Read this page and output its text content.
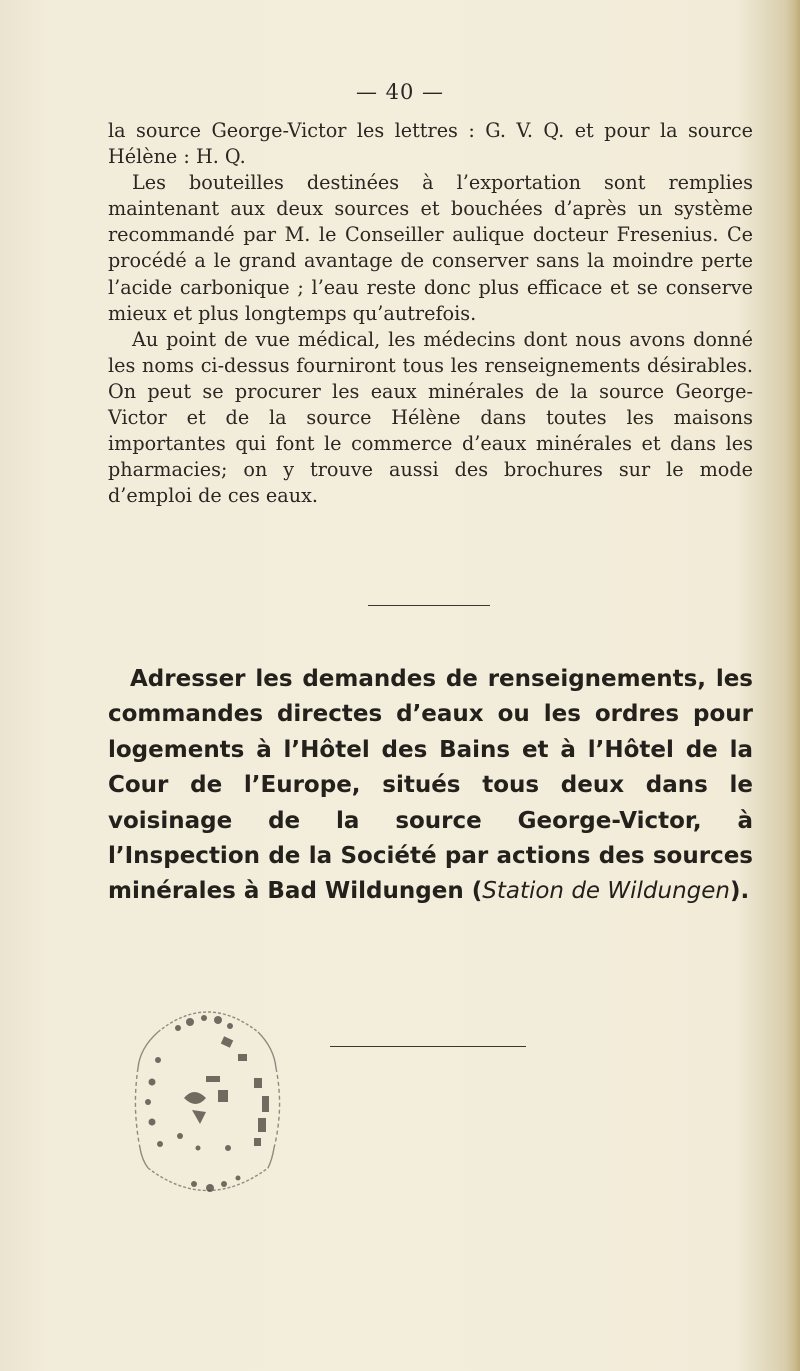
— 40 —

la source George-Victor les lettres : G. V. Q. et pour la source Hélène : H. Q.

Les bouteilles destinées à l’exportation sont remplies maintenant aux deux sources et bouchées d’après un système recommandé par M. le Conseiller aulique docteur Fresenius. Ce procédé a le grand avantage de conserver sans la moindre perte l’acide carbonique ; l’eau reste donc plus efficace et se conserve mieux et plus longtemps qu’autrefois.

Au point de vue médical, les médecins dont nous avons donné les noms ci-dessus fourniront tous les renseignements désirables. On peut se procurer les eaux minérales de la source George-Victor et de la source Hélène dans toutes les maisons importantes qui font le commerce d’eaux minérales et dans les pharmacies; on y trouve aussi des brochures sur le mode d’emploi de ces eaux.

Adresser les demandes de renseignements, les commandes directes d’eaux ou les ordres pour logements à l’Hôtel des Bains et à l’Hôtel de la Cour de l’Europe, situés tous deux dans le voisinage de la source George-Victor, à l’Inspection de la Société par actions des sources minérales à Bad Wildungen (Station de Wildungen).
